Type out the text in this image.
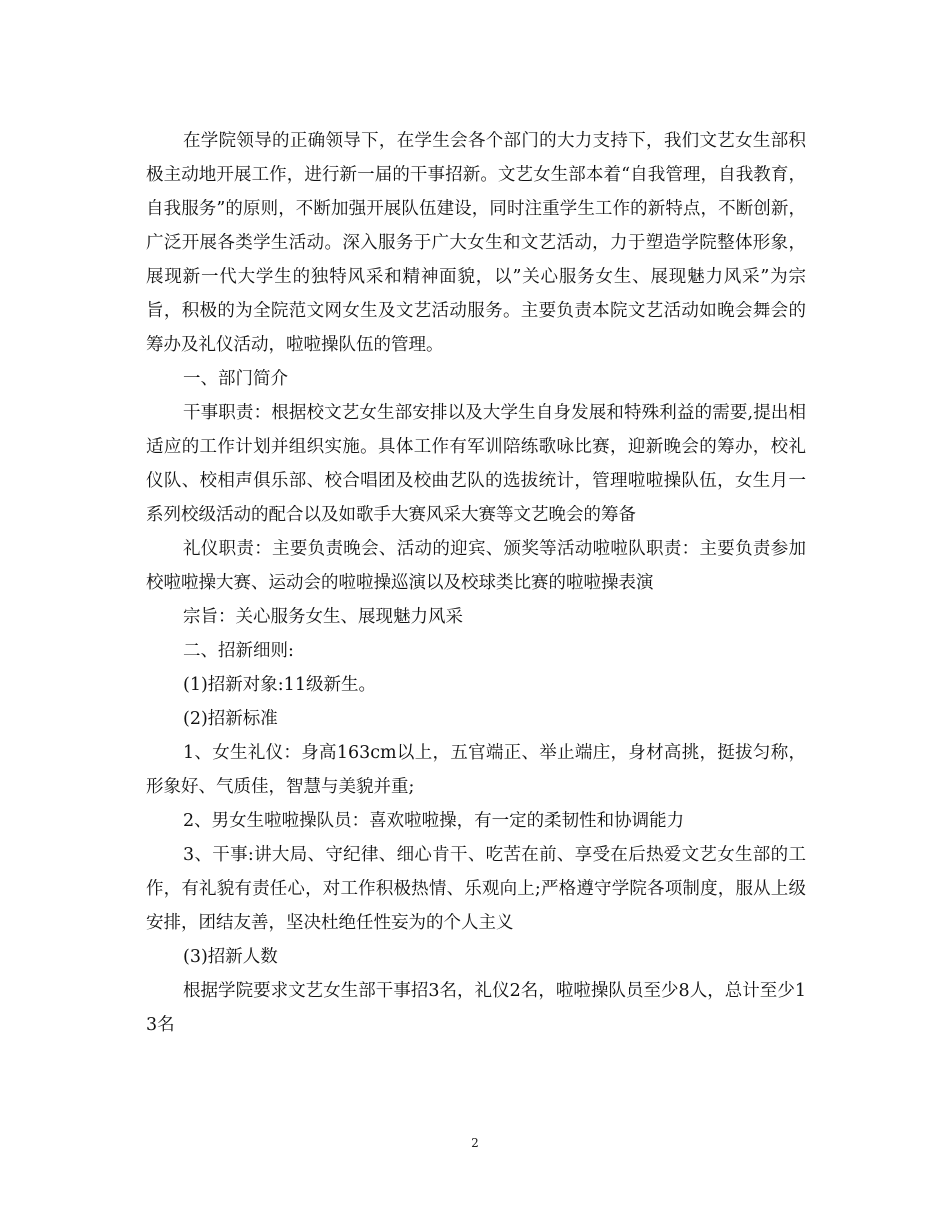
在学院领导的正确领导下，在学生会各个部门的大力支持下，我们文艺女生部积极主动地开展工作，进行新一届的干事招新。文艺女生部本着“自我管理，自我教育，自我服务”的原则，不断加强开展队伍建设，同时注重学生工作的新特点，不断创新，广泛开展各类学生活动。深入服务于广大女生和文艺活动，力于塑造学院整体形象，展现新一代大学生的独特风采和精神面貌，以”关心服务女生、展现魅力风采”为宗旨，积极的为全院范文网女生及文艺活动服务。主要负责本院文艺活动如晚会舞会的筹办及礼仪活动，啦啦操队伍的管理。

一、部门简介

干事职责：根据校文艺女生部安排以及大学生自身发展和特殊利益的需要,提出相适应的工作计划并组织实施。具体工作有军训陪练歌咏比赛，迎新晚会的筹办，校礼仪队、校相声俱乐部、校合唱团及校曲艺队的选拔统计，管理啦啦操队伍，女生月一系列校级活动的配合以及如歌手大赛风采大赛等文艺晚会的筹备

礼仪职责：主要负责晚会、活动的迎宾、颁奖等活动啦啦队职责：主要负责参加校啦啦操大赛、运动会的啦啦操巡演以及校球类比赛的啦啦操表演

宗旨：关心服务女生、展现魅力风采

二、招新细则:

(1)招新对象:11级新生。

(2)招新标准

1、女生礼仪：身高163cm以上，五官端正、举止端庄，身材高挑，挺拔匀称，形象好、气质佳，智慧与美貌并重;

2、男女生啦啦操队员：喜欢啦啦操，有一定的柔韧性和协调能力

3、干事:讲大局、守纪律、细心肯干、吃苦在前、享受在后热爱文艺女生部的工作，有礼貌有责任心，对工作积极热情、乐观向上;严格遵守学院各项制度，服从上级安排，团结友善，坚决杜绝任性妄为的个人主义

(3)招新人数

根据学院要求文艺女生部干事招3名，礼仪2名，啦啦操队员至少8人，总计至少13名

2
